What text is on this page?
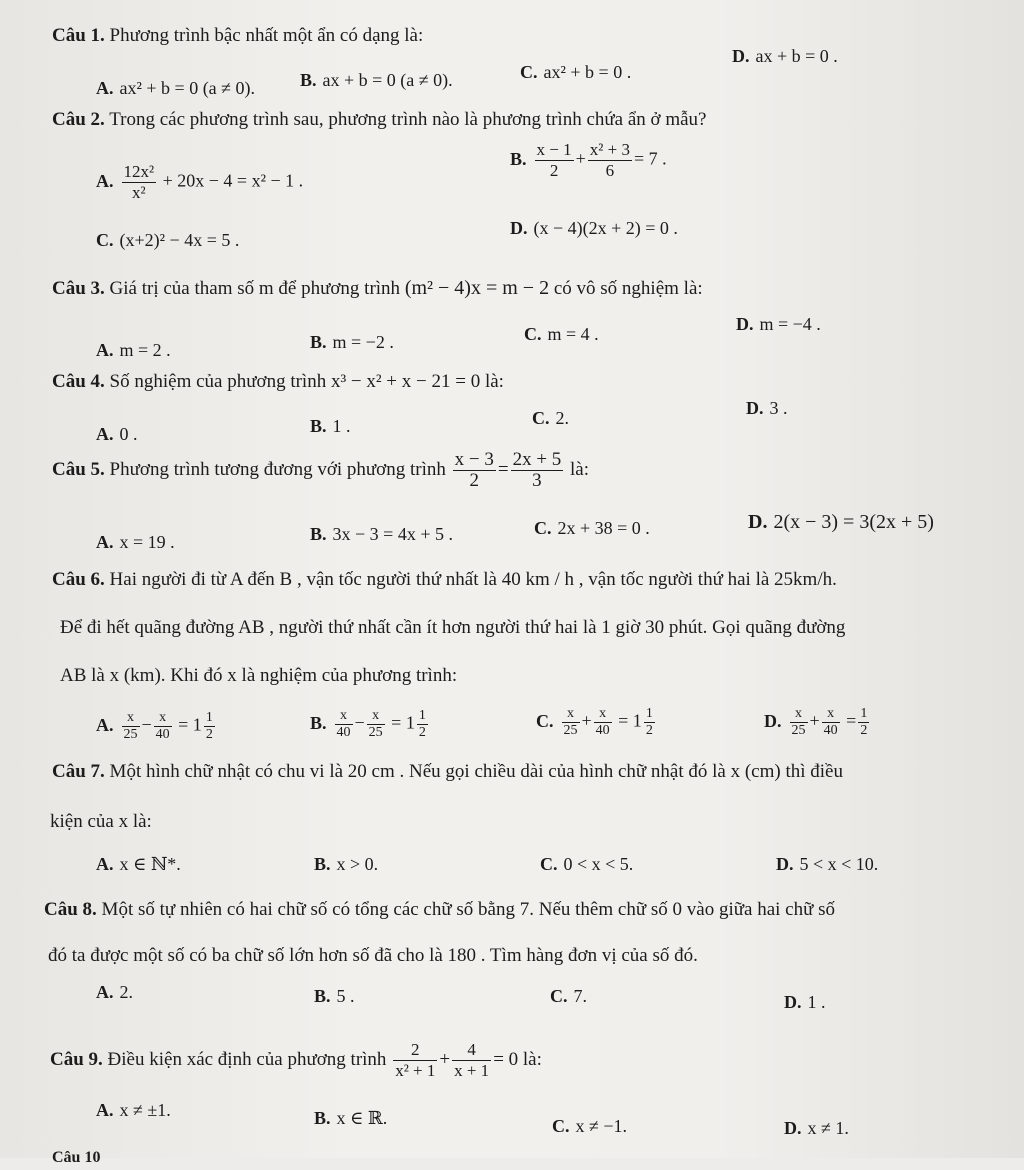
Câu 1. Phương trình bậc nhất một ẩn có dạng là:
A. ax² + b = 0 (a ≠ 0). B. ax + b = 0 (a ≠ 0).	C. ax² + b = 0 .
D. ax + b = 0 .
Câu 2. Trong các phương trình sau, phương trình nào là phương trình chứa ẩn ở mẫu?
A. $\frac{\text{12x²}}{\text{x²}} + 20x - 4 = x^2 - 1$ .
B. $\frac{x - 1}{2} + \frac{\text{x² + 3}}{6} = 7$ .
C. (x+2)² − 4x = 5 .
D. (x − 4)(2x + 2) = 0 .
Câu 3. Giá trị của tham số m để phương trình (m² − 4)x = m − 2 có vô số nghiệm là:
A. m = 2 .	B. m = −2 .	C. m = 4 .	D. m = −4 .
Câu 4. Số nghiệm của phương trình x³ − x² + x − 21 = 0 là:
A. 0 .	B. 1 .	C. 2.	D. 3 .
Câu 5. Phương trình tương đương với phương trình $\frac{x - 3}{2} = \frac{2x + 5}{3}$ là:
A. x = 19 .	B. 3x − 3 = 4x + 5 .	C. 2x + 38 = 0 .	D. 2(x − 3) = 3(2x + 5)
Câu 6. Hai người đi từ A đến B , vận tốc người thứ nhất là 40 km / h , vận tốc người thứ hai là 25km/h.
Để đi hết quãng đường AB , người thứ nhất cần ít hơn người thứ hai là 1 giờ 30 phút. Gọi quãng đường
AB là x (km). Khi đó x là nghiệm của phương trình:
A. $\frac{x}{25} - \frac{x}{40} = 1 \frac{1}{2}$	B. $\frac{x}{40} - \frac{x}{25} = 1 \frac{1}{2}$	C. $\frac{x}{25} + \frac{x}{40} = 1 \frac{1}{2}$	D. $\frac{x}{25} + \frac{x}{40} = \frac{1}{2}$
Câu 7. Một hình chữ nhật có chu vi là 20 cm . Nếu gọi chiều dài của hình chữ nhật đó là x (cm) thì điều
kiện của x là:
A. x ∈ ℕ*.	B. x > 0.	C. 0 < x < 5.	D. 5 < x < 10.
Câu 8. Một số tự nhiên có hai chữ số có tổng các chữ số bằng 7. Nếu thêm chữ số 0 vào giữa hai chữ số
đó ta được một số có ba chữ số lớn hơn số đã cho là 180 . Tìm hàng đơn vị của số đó.
A. 2.	B. 5 .	C. 7.	D. 1 .
Câu 9. Điều kiện xác định của phương trình $\frac{2}{\text{x² + 1}} + \frac{4}{x + 1} = 0$ là:
A. x ≠ ±1.	B. x ∈ ℝ.	C. x ≠ −1.	D. x ≠ 1.
Câu 10
